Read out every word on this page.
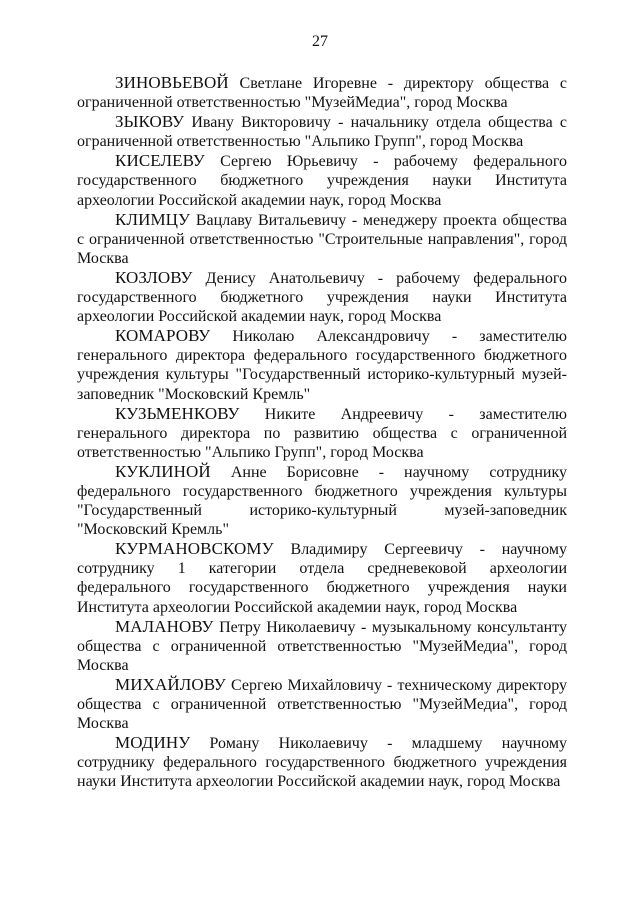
27

ЗИНОВЬЕВОЙ Светлане Игоревне - директору общества с ограниченной ответственностью "МузейМедиа", город Москва

ЗЫКОВУ Ивану Викторовичу - начальнику отдела общества с ограниченной ответственностью "Альпико Групп", город Москва

КИСЕЛЕВУ Сергею Юрьевичу - рабочему федерального государственного бюджетного учреждения науки Института археологии Российской академии наук, город Москва

КЛИМЦУ Вацлаву Витальевичу - менеджеру проекта общества с ограниченной ответственностью "Строительные направления", город Москва

КОЗЛОВУ Денису Анатольевичу - рабочему федерального государственного бюджетного учреждения науки Института археологии Российской академии наук, город Москва

КОМАРОВУ Николаю Александровичу - заместителю генерального директора федерального государственного бюджетного учреждения культуры "Государственный историко-культурный музей-заповедник "Московский Кремль"

КУЗЬМЕНКОВУ Никите Андреевичу - заместителю генерального директора по развитию общества с ограниченной ответственностью "Альпико Групп", город Москва

КУКЛИНОЙ Анне Борисовне - научному сотруднику федерального государственного бюджетного учреждения культуры "Государственный историко-культурный музей-заповедник "Московский Кремль"

КУРМАНОВСКОМУ Владимиру Сергеевичу - научному сотруднику 1 категории отдела средневековой археологии федерального государственного бюджетного учреждения науки Института археологии Российской академии наук, город Москва

МАЛАНОВУ Петру Николаевичу - музыкальному консультанту общества с ограниченной ответственностью "МузейМедиа", город Москва

МИХАЙЛОВУ Сергею Михайловичу - техническому директору общества с ограниченной ответственностью "МузейМедиа", город Москва

МОДИНУ Роману Николаевичу - младшему научному сотруднику федерального государственного бюджетного учреждения науки Института археологии Российской академии наук, город Москва
